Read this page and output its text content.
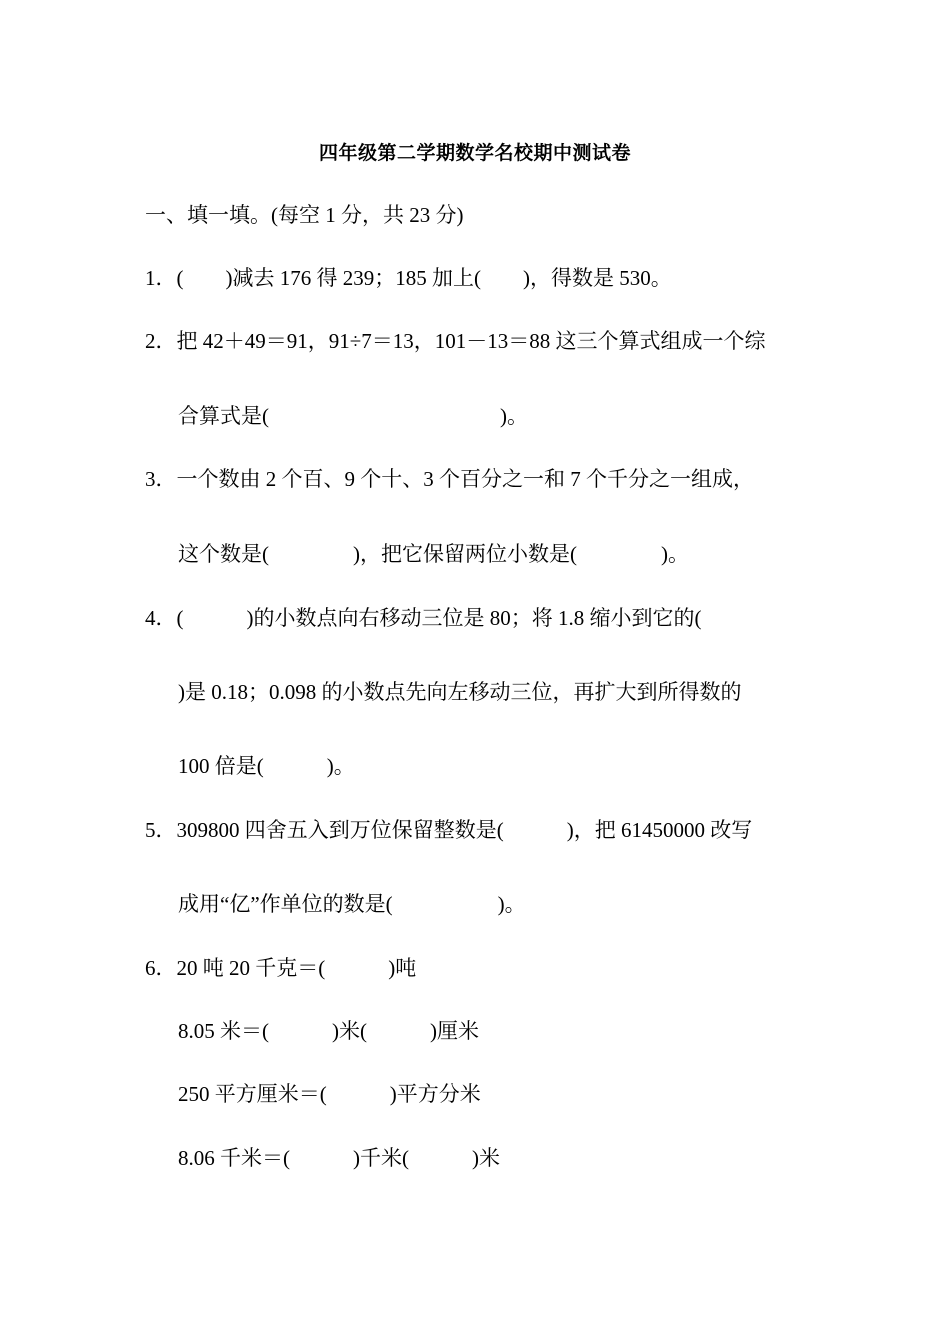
四年级第二学期数学名校期中测试卷
一、填一填。(每空 1 分，共 23 分)
1．(　　)减去 176 得 239；185 加上(　　)，得数是 530。
2．把 42＋49＝91，91÷7＝13，101－13＝88 这三个算式组成一个综
合算式是(　　　　　　　　　　　)。
3．一个数由 2 个百、9 个十、3 个百分之一和 7 个千分之一组成，
这个数是(　　　　)，把它保留两位小数是(　　　　)。
4．(　　　)的小数点向右移动三位是 80；将 1.8 缩小到它的(
)是 0.18；0.098 的小数点先向左移动三位，再扩大到所得数的
100 倍是(　　　)。
5．309800 四舍五入到万位保留整数是(　　　)，把 61450000 改写
成用“亿”作单位的数是(　　　　　)。
6．20 吨 20 千克＝(　　　)吨
8.05 米＝(　　　)米(　　　)厘米
250 平方厘米＝(　　　)平方分米
8.06 千米＝(　　　)千米(　　　)米
